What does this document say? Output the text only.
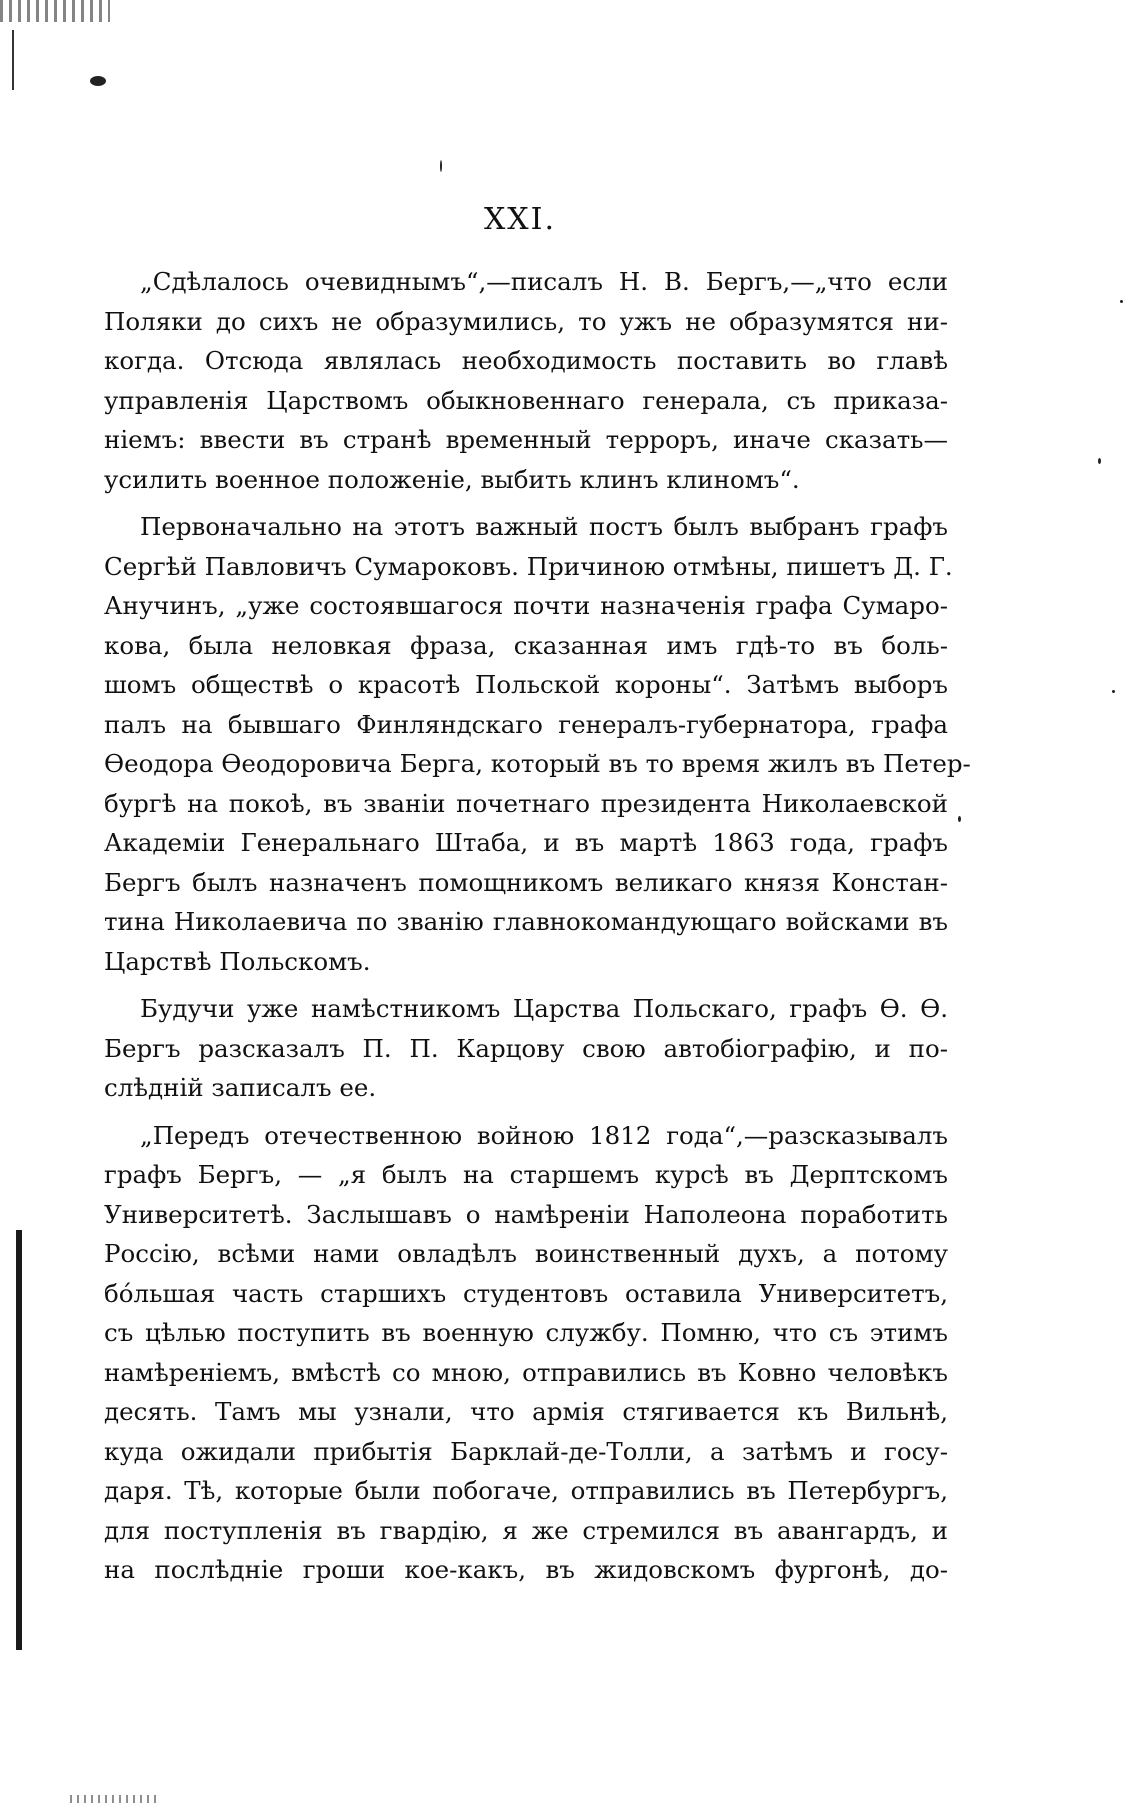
XXI.
„Сдѣлалось очевиднымъ“,—писалъ Н. В. Бергъ,—„что если
Поляки до сихъ не образумились, то ужъ не образумятся ни-
когда. Отсюда являлась необходимость поставить во главѣ
управленія Царствомъ обыкновеннаго генерала, съ приказа-
ніемъ: ввести въ странѣ временный терроръ, иначе сказать—
усилить военное положеніе, выбить клинъ клиномъ“.
Первоначально на этотъ важный постъ былъ выбранъ графъ
Сергѣй Павловичъ Сумароковъ. Причиною отмѣны, пишетъ Д. Г.
Анучинъ, „уже состоявшагося почти назначенія графа Сумаро-
кова, была неловкая фраза, сказанная имъ гдѣ-то въ боль-
шомъ обществѣ о красотѣ Польской короны“. Затѣмъ выборъ
палъ на бывшаго Финляндскаго генералъ-губернатора, графа
Ѳеодора Ѳеодоровича Берга, который въ то время жилъ въ Петер-
бургѣ на покоѣ, въ званіи почетнаго президента Николаевской
Академіи Генеральнаго Штаба, и въ мартѣ 1863 года, графъ
Бергъ былъ назначенъ помощникомъ великаго князя Констан-
тина Николаевича по званію главнокомандующаго войсками въ
Царствѣ Польскомъ.
Будучи уже намѣстникомъ Царства Польскаго, графъ Ѳ. Ѳ.
Бергъ разсказалъ П. П. Карцову свою автобіографію, и по-
слѣдній записалъ ее.
„Передъ отечественною войною 1812 года“,—разсказывалъ
графъ Бергъ, — „я былъ на старшемъ курсѣ въ Дерптскомъ
Университетѣ. Заслышавъ о намѣреніи Наполеона поработить
Россію, всѣми нами овладѣлъ воинственный духъ, а потому
бо́льшая часть старшихъ студентовъ оставила Университетъ,
съ цѣлью поступить въ военную службу. Помню, что съ этимъ
намѣреніемъ, вмѣстѣ со мною, отправились въ Ковно человѣкъ
десять. Тамъ мы узнали, что армія стягивается къ Вильнѣ,
куда ожидали прибытія Барклай-де-Толли, а затѣмъ и госу-
даря. Тѣ, которые были побогаче, отправились въ Петербургъ,
для поступленія въ гвардію, я же стремился въ авангардъ, и
на послѣдніе гроши кое-какъ, въ жидовскомъ фургонѣ, до-
